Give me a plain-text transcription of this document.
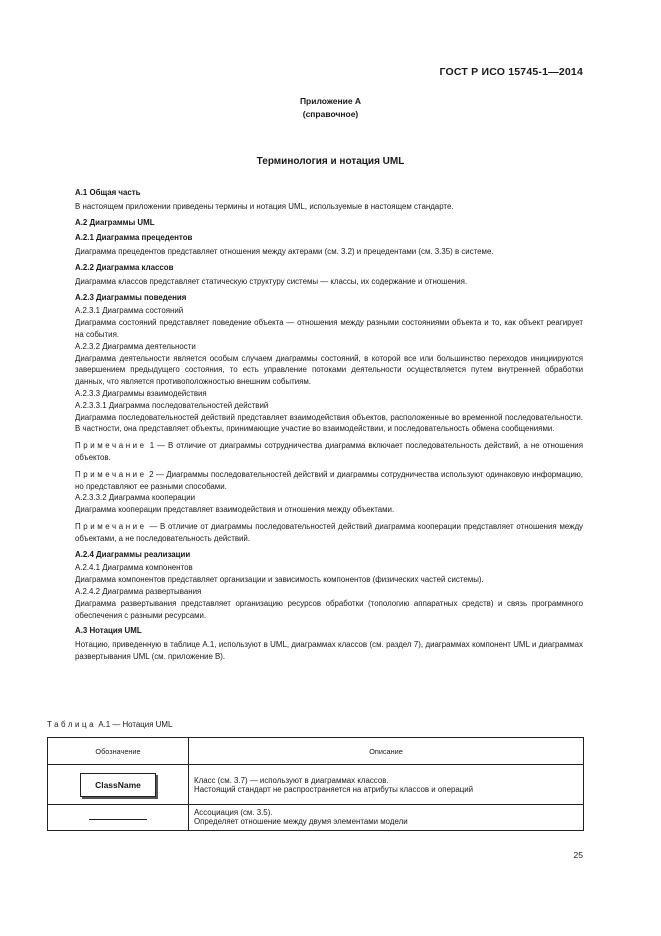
ГОСТ Р ИСО 15745-1—2014
Приложение А
(справочное)
Терминология и нотация UML

А.1 Общая часть

В настоящем приложении приведены термины и нотация UML, используемые в настоящем стандарте.

А.2 Диаграммы UML

А.2.1 Диаграмма прецедентов

Диаграмма прецедентов представляет отношения между актерами (см. 3.2) и прецедентами (см. 3.35) в системе.

А.2.2 Диаграмма классов

Диаграмма классов представляет статическую структуру системы — классы, их содержание и отношения.

А.2.3 Диаграммы поведения

А.2.3.1 Диаграмма состояний

Диаграмма состояний представляет поведение объекта — отношения между разными состояниями объекта и то, как объект реагирует на события.

А.2.3.2 Диаграмма деятельности

Диаграмма деятельности является особым случаем диаграммы состояний, в которой все или большинство переходов инициируются завершением предыдущего состояния, то есть управление потоками деятельности осуществляется путем внутренней обработки данных, что является противоположностью внешним событиям.

А.2.3.3 Диаграммы взаимодействия

А.2.3.3.1 Диаграмма последовательностей действий

Диаграмма последовательностей действий представляет взаимодействия объектов, расположенные во временной последовательности. В частности, она представляет объекты, принимающие участие во взаимодействии, и последовательность обмена сообщениями.

Примечание 1 — В отличие от диаграммы сотрудничества диаграмма включает последовательность действий, а не отношения объектов.

Примечание 2 — Диаграммы последовательностей действий и диаграммы сотрудничества используют одинаковую информацию, но представляют ее разными способами.

А.2.3.3.2 Диаграмма кооперации

Диаграмма кооперации представляет взаимодействия и отношения между объектами.

Примечание — В отличие от диаграммы последовательностей действий диаграмма кооперации представляет отношения между объектами, а не последовательность действий.

А.2.4 Диаграммы реализации

А.2.4.1 Диаграмма компонентов

Диаграмма компонентов представляет организации и зависимость компонентов (физических частей системы).

А.2.4.2 Диаграмма развертывания

Диаграмма развертывания представляет организацию ресурсов обработки (топологию аппаратных средств) и связь программного обеспечения с разными ресурсами.

А.3 Нотация UML

Нотацию, приведенную в таблице А.1, используют в UML, диаграммах классов (см. раздел 7), диаграммах компонент UML и диаграммах развертывания UML (см. приложение В).

Таблица А.1 — Нотация UML
Обозначение	Описание
ClassName	Класс (см. 3.7) — используют в диаграммах классов.
Настоящий стандарт не распространяется на атрибуты классов и операций

	Ассоциация (см. 3.5).
Определяет отношение между двумя элементами модели
25
